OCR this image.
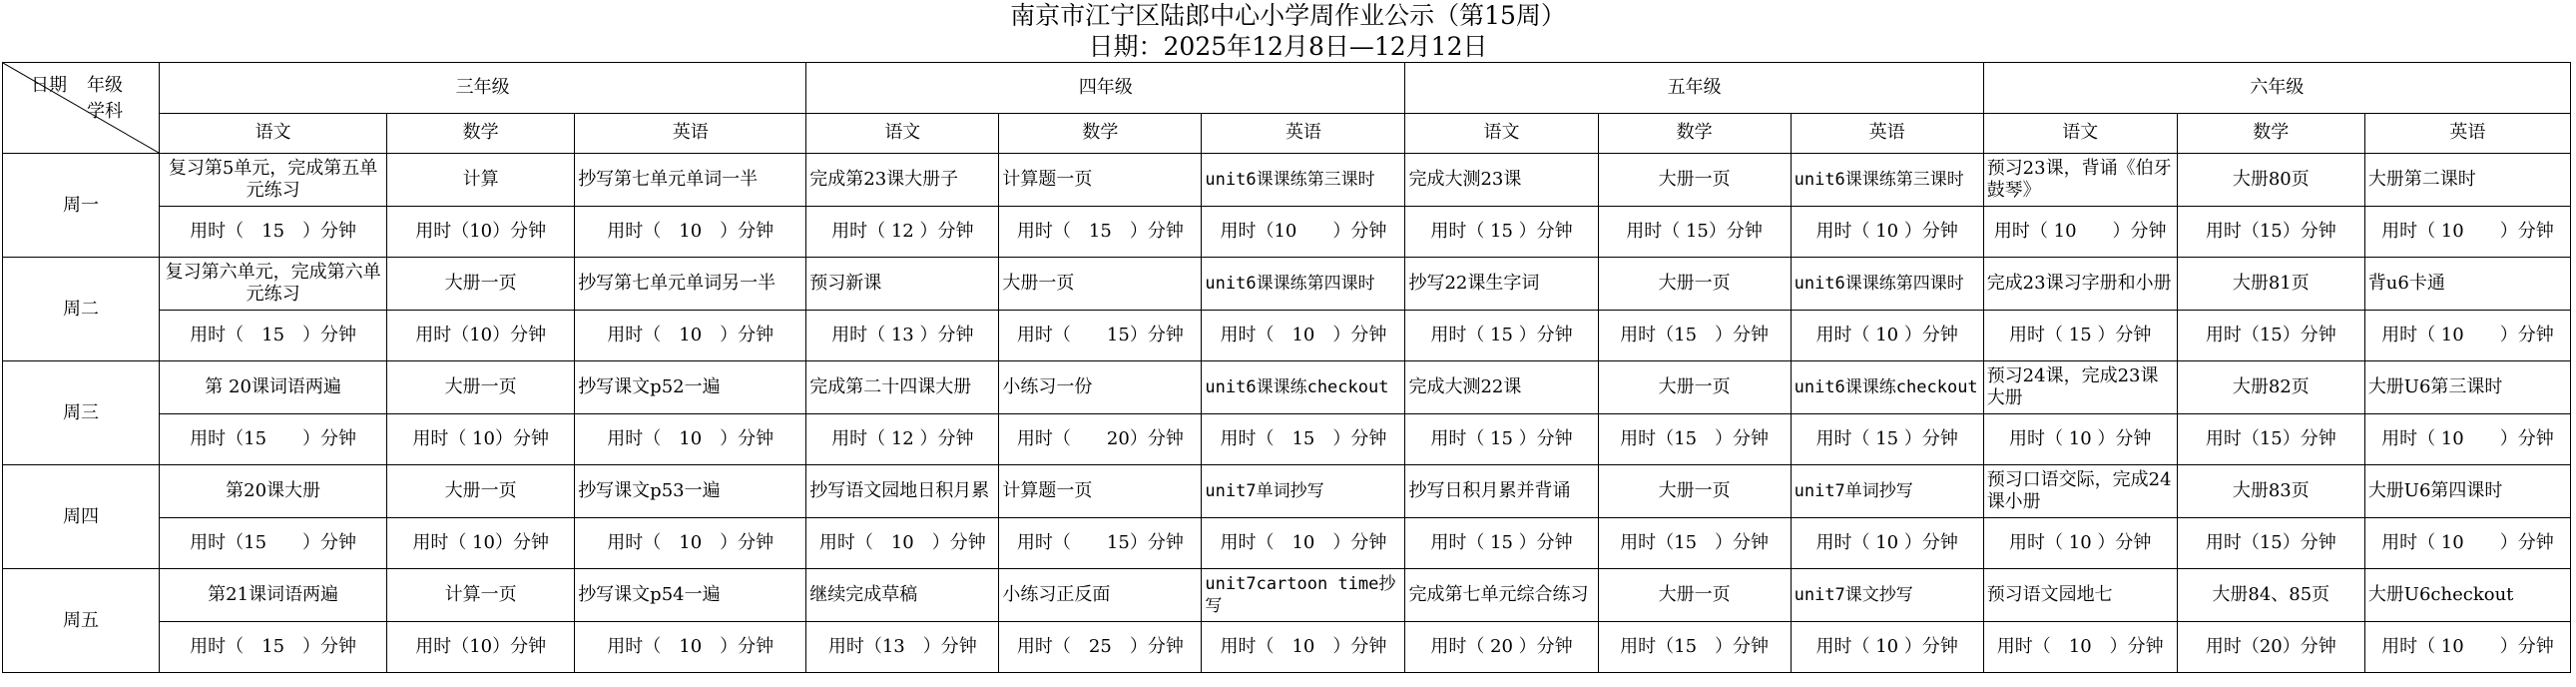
南京市江宁区陆郎中心小学周作业公示（第15周）
日期：2025年12月8日—12月12日
日期 年级
学科	三年级			四年级			五年级			六年级		
	语文	数学	英语	语文	数学	英语	语文	数学	英语	语文	数学	英语
周一	复习第5单元，完成第五单元练习	计算	抄写第七单元单词一半	完成第23课大册子	计算题一页	unit6课课练第三课时	完成大测23课	大册一页	unit6课课练第三课时	预习23课，背诵《伯牙鼓琴》	大册80页	大册第二课时
	用时（　15　）分钟	用时（10）分钟	用时（　10　）分钟	用时（ 12 ）分钟	用时（　15　）分钟	用时（10　　）分钟	用时（ 15 ）分钟	用时（ 15）分钟	用时（ 10 ）分钟	用时（ 10　　）分钟	用时（15）分钟	用时（ 10　　）分钟
周二	复习第六单元，完成第六单元练习	大册一页	抄写第七单元单词另一半	预习新课	大册一页	unit6课课练第四课时	抄写22课生字词	大册一页	unit6课课练第四课时	完成23课习字册和小册	大册81页	背u6卡通
	用时（　15　）分钟	用时（10）分钟	用时（　10　）分钟	用时（ 13 ）分钟	用时（　　15）分钟	用时（　10　）分钟	用时（ 15 ）分钟	用时（15　）分钟	用时（ 10 ）分钟	用时（ 15 ）分钟	用时（15）分钟	用时（ 10　　）分钟
周三	第 20课词语两遍	大册一页	抄写课文p52一遍	完成第二十四课大册	小练习一份	unit6课课练checkout	完成大测22课	大册一页	unit6课课练checkout	预习24课，完成23课大册	大册82页	大册U6第三课时
	用时（15　　）分钟	用时（ 10）分钟	用时（　10　）分钟	用时（ 12 ）分钟	用时（　　20）分钟	用时（　15　）分钟	用时（ 15 ）分钟	用时（15　）分钟	用时（ 15 ）分钟	用时（ 10 ）分钟	用时（15）分钟	用时（ 10　　）分钟
周四	第20课大册	大册一页	抄写课文p53一遍	抄写语文园地日积月累	计算题一页	unit7单词抄写	抄写日积月累并背诵	大册一页	unit7单词抄写	预习口语交际，完成24课小册	大册83页	大册U6第四课时
	用时（15　　）分钟	用时（ 10）分钟	用时（　10　）分钟	用时（　10　）分钟	用时（　　15）分钟	用时（　10　）分钟	用时（ 15 ）分钟	用时（15　）分钟	用时（ 10 ）分钟	用时（ 10 ）分钟	用时（15）分钟	用时（ 10　　）分钟
周五	第21课词语两遍	计算一页	抄写课文p54一遍	继续完成草稿	小练习正反面	unit7cartoon time抄写	完成第七单元综合练习	大册一页	unit7课文抄写	预习语文园地七	大册84、85页	大册U6checkout
	用时（　15　）分钟	用时（10）分钟	用时（　10　）分钟	用时（13　）分钟	用时（　25　）分钟	用时（　10　）分钟	用时（ 20 ）分钟	用时（15　）分钟	用时（ 10 ）分钟	用时（　10　）分钟	用时（20）分钟	用时（ 10　　）分钟
